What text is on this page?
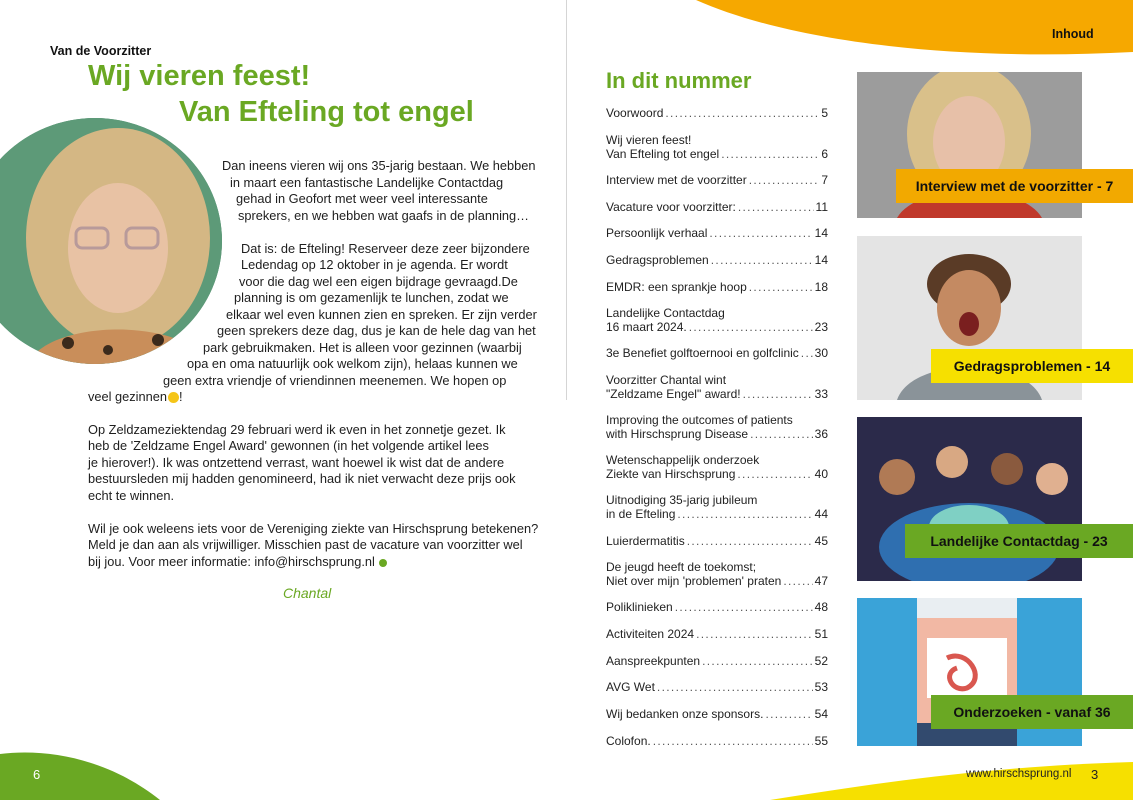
Van de Voorzitter
Wij vieren feest!
Van Efteling tot engel
Dan ineens vieren wij ons 35-jarig bestaan. We hebben
in maart een fantastische Landelijke Contactdag
gehad in Geofort met weer veel interessante
sprekers, en we hebben wat gaafs in de planning…
Dat is: de Efteling! Reserveer deze zeer bijzondere
Ledendag op 12 oktober in je agenda. Er wordt
voor die dag wel een eigen bijdrage gevraagd.De
planning is om gezamenlijk te lunchen, zodat we
elkaar wel even kunnen zien en spreken. Er zijn verder
geen sprekers deze dag, dus je kan de hele dag van het
park gebruikmaken. Het is alleen voor gezinnen (waarbij
opa en oma natuurlijk ook welkom zijn), helaas kunnen we
geen extra vriendje of vriendinnen meenemen. We hopen op
veel gezinnen !
Op Zeldzameziektendag 29 februari werd ik even in het zonnetje gezet. Ik
heb de 'Zeldzame Engel Award' gewonnen (in het volgende artikel lees
je hierover!). Ik was ontzettend verrast, want hoewel ik wist dat de andere
bestuursleden mij hadden genomineerd, had ik niet verwacht deze prijs ook
echt te winnen.
Wil je ook weleens iets voor de Vereniging ziekte van Hirschsprung betekenen?
Meld je dan aan als vrijwilliger. Misschien past de vacature van voorzitter wel
bij jou. Voor meer informatie: info@hirschsprung.nl
Chantal
6
Inhoud
In dit nummer
Voorwoord . . .	5
Wij vieren feest!
Van Efteling tot engel . . .	6
Interview met de voorzitter . . .	7
Vacature voor voorzitter: . . .	11
Persoonlijk verhaal . . .	14
Gedragsproblemen . . .	14
EMDR: een sprankje hoop . . .	18
Landelijke Contactdag
16 maart 2024. . . .	23
3e Benefiet golftoernooi en golfclinic . . . 30
Voorzitter Chantal wint
"Zeldzame Engel" award! . . .	33
Improving the outcomes of patients
with Hirschsprung Disease . . .	36
Wetenschappelijk onderzoek
Ziekte van Hirschsprung . . .	40
Uitnodiging 35-jarig jubileum
in de Efteling . . .	44
Luierdermatitis . . .	45
De jeugd heeft de toekomst;
Niet over mijn 'problemen' praten . . .	47
Poliklinieken . . .	48
Activiteiten 2024 . . .	51
Aanspreekpunten . . .	52
AVG Wet . . .	53
Wij bedanken onze sponsors. . . .	54
Colofon. . . .	55
Interview met de voorzitter - 7
Gedragsproblemen - 14
Landelijke Contactdag - 23
Onderzoeken - vanaf 36
www.hirschsprung.nl 3
